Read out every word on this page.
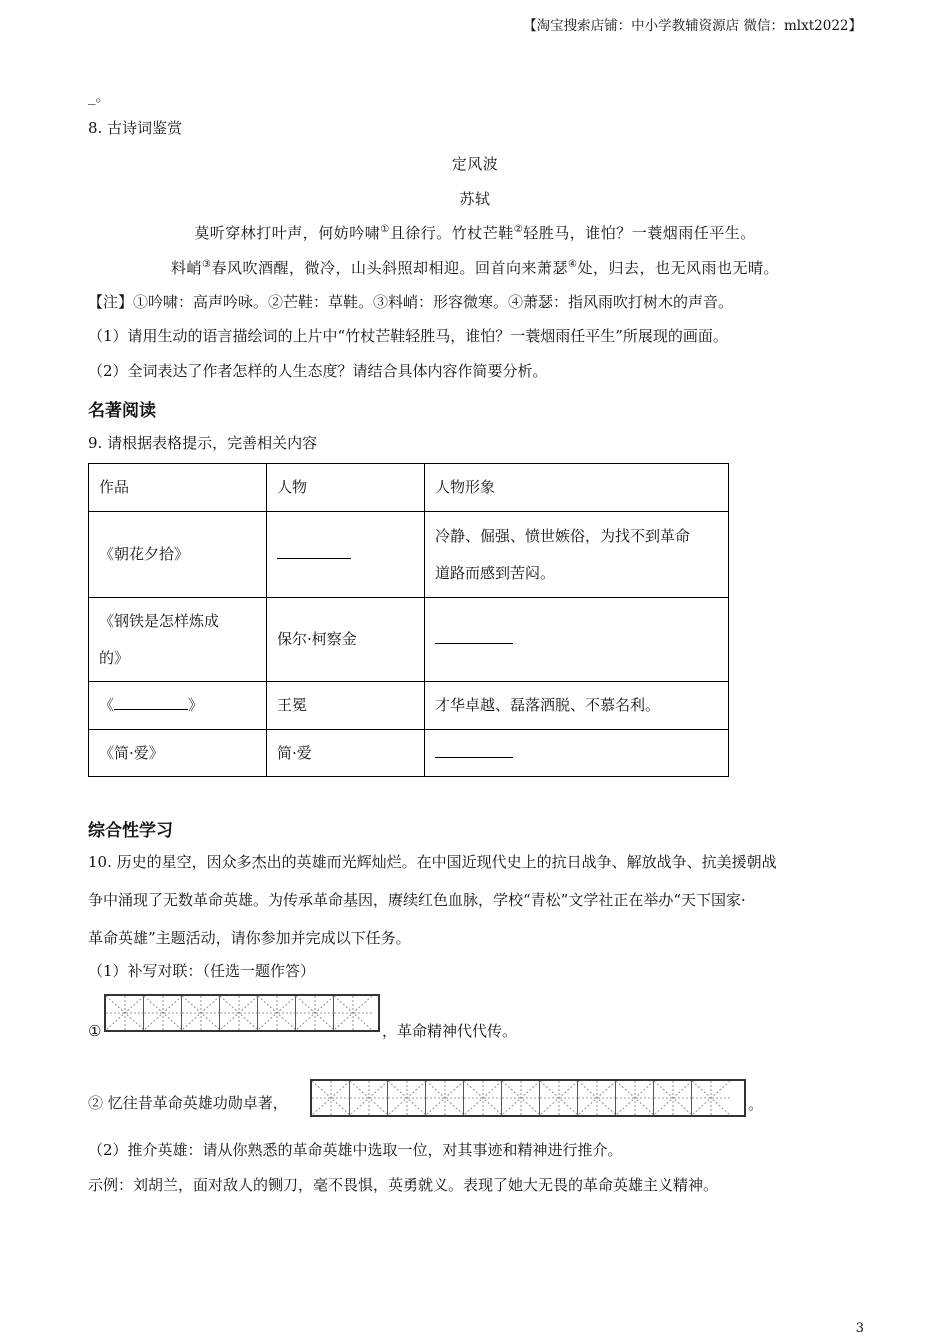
【淘宝搜索店铺：中小学教辅资源店 微信：mlxt2022】
_。
8. 古诗词鉴赏
定风波
苏轼
莫听穿林打叶声，何妨吟啸①且徐行。竹杖芒鞋②轻胜马，谁怕？一蓑烟雨任平生。
料峭③春风吹酒醒，微冷，山头斜照却相迎。回首向来萧瑟④处，归去，也无风雨也无晴。
【注】①吟啸：高声吟咏。②芒鞋：草鞋。③料峭：形容微寒。④萧瑟：指风雨吹打树木的声音。
（1）请用生动的语言描绘词的上片中“竹杖芒鞋轻胜马，谁怕？一蓑烟雨任平生”所展现的画面。
（2）全词表达了作者怎样的人生态度？请结合具体内容作简要分析。
名著阅读
9. 请根据表格提示，完善相关内容
作品	人物	人物形象
《朝花夕拾》		冷静、倔强、愤世嫉俗，为找不到革命
道路而感到苦闷。

《钢铁是怎样炼成
的》	保尔·柯察金	
《 》	王冕	才华卓越、磊落洒脱、不慕名利。
《简·爱》	简·爱	
综合性学习
10. 历史的星空，因众多杰出的英雄而光辉灿烂。在中国近现代史上的抗日战争、解放战争、抗美援朝战
争中涌现了无数革命英雄。为传承革命基因，赓续红色血脉，学校“青松”文学社正在举办“天下国家·
革命英雄”主题活动，请你参加并完成以下任务。
（1）补写对联：（任选一题作答）
①	，革命精神代代传。
② 忆往昔革命英雄功勋卓著，	。
（2）推介英雄：请从你熟悉的革命英雄中选取一位，对其事迹和精神进行推介。
示例：刘胡兰，面对敌人的铡刀，毫不畏惧，英勇就义。表现了她大无畏的革命英雄主义精神。
3
